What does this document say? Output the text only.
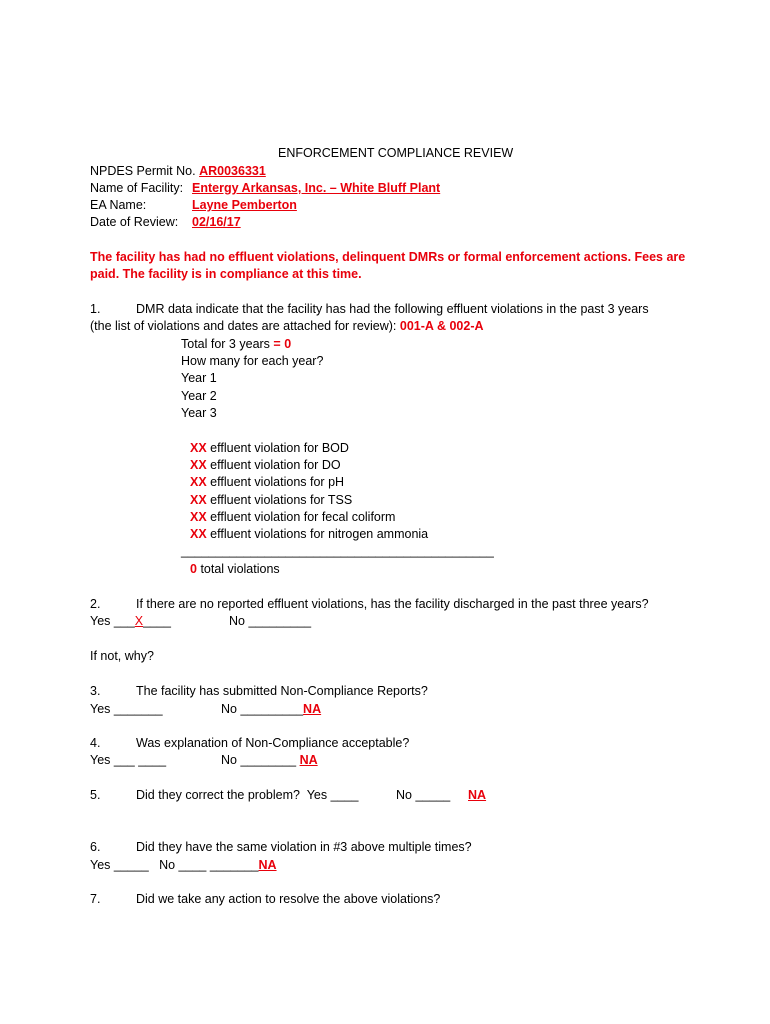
ENFORCEMENT COMPLIANCE REVIEW
NPDES Permit No. AR0036331
Name of Facility: Entergy Arkansas, Inc. – White Bluff Plant
EA Name:	Layne Pemberton
Date of Review: 02/16/17
The facility has had no effluent violations, delinquent DMRs or formal enforcement actions. Fees are
paid. The facility is in compliance at this time.
1.	DMR data indicate that the facility has had the following effluent violations in the past 3 years
(the list of violations and dates are attached for review): 001-A & 002-A
Total for 3 years = 0
How many for each year?
Year 1
Year 2
Year 3
XX effluent violation for BOD
XX effluent violation for DO
XX effluent violations for pH
XX effluent violations for TSS
XX effluent violation for fecal coliform
XX effluent violations for nitrogen ammonia
_____________________________________________
0 total violations
2.	If there are no reported effluent violations, has the facility discharged in the past three years?
Yes ___X____	No _________
If not, why?
3.	The facility has submitted Non-Compliance Reports?
Yes _______	No _________NA
4.	Was explanation of Non-Compliance acceptable?
Yes ___ ____	No ________ NA
5.	Did they correct the problem? Yes ____	No _____ NA
6.	Did they have the same violation in #3 above multiple times?
Yes _____ No ____ _______NA
7.	Did we take any action to resolve the above violations?
